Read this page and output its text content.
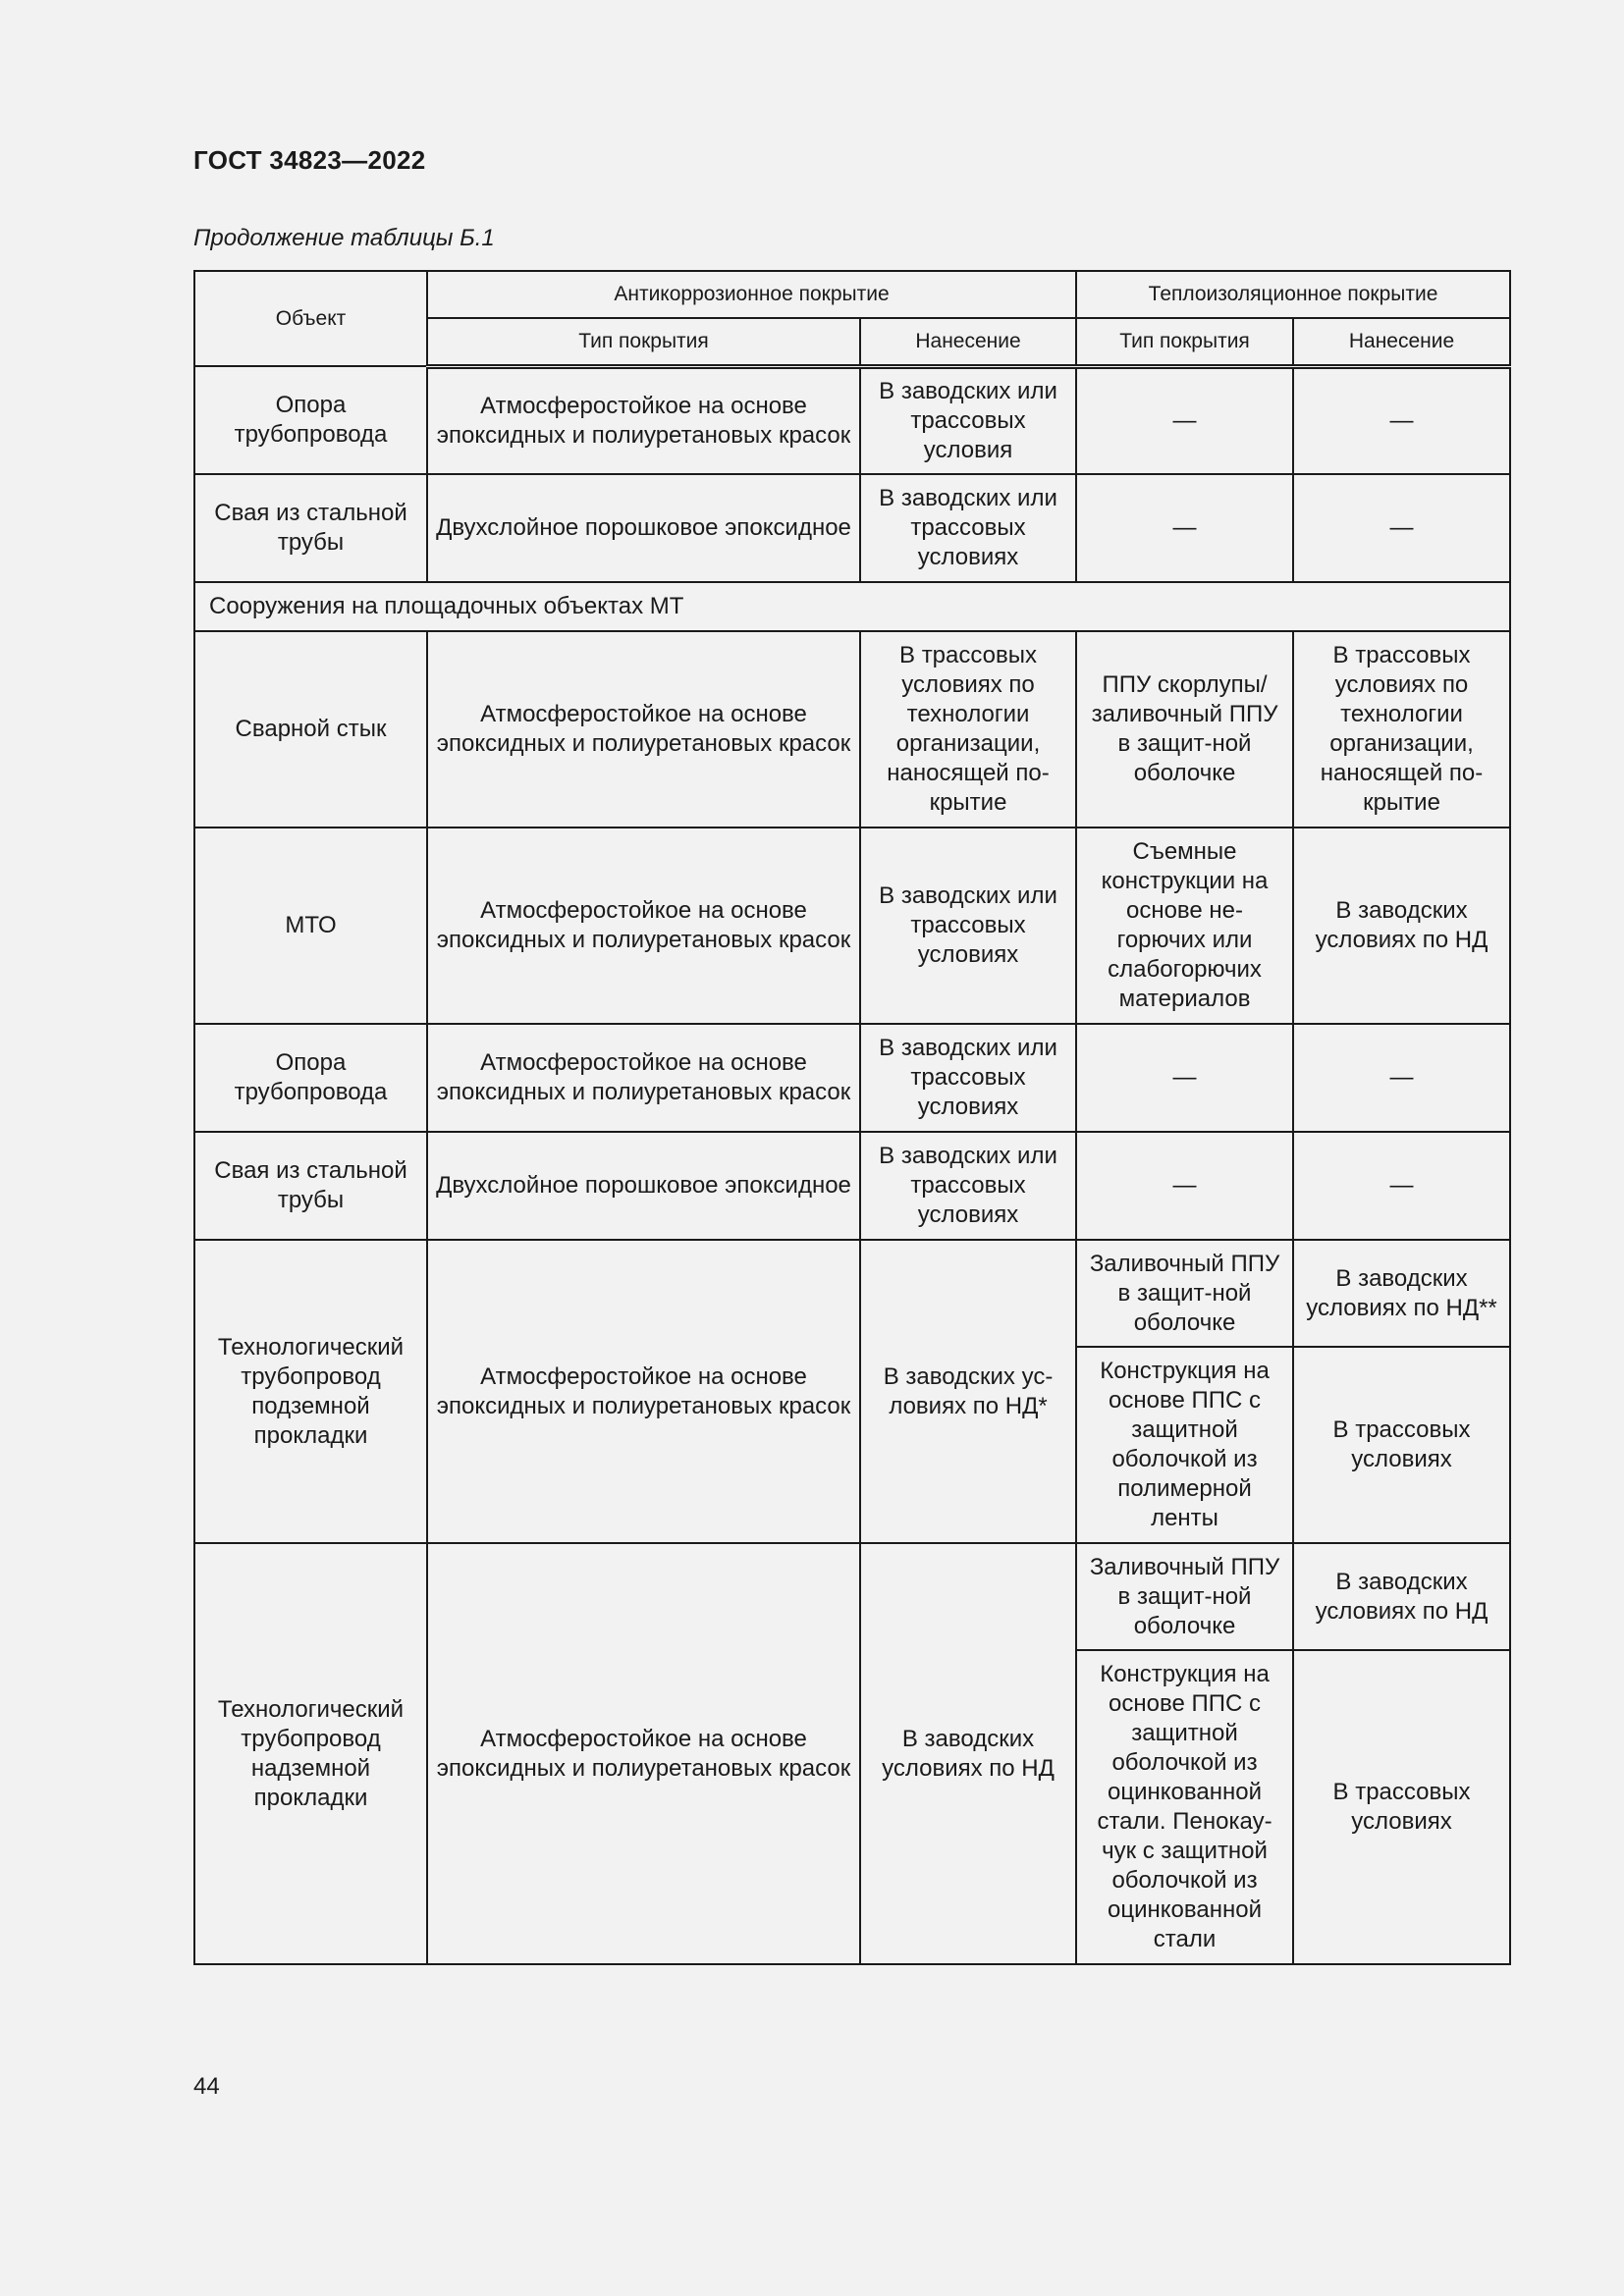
ГОСТ 34823—2022
Продолжение таблицы Б.1
Объект	Антикоррозионное покрытие		Теплоизоляционное покрытие	
	Тип покрытия	Нанесение	Тип покрытия	Нанесение
Опора трубопровода	Атмосферостойкое на основе эпоксидных и полиуретановых красок	В заводских или трассовых условия	—	—
Свая из стальной трубы	Двухслойное порошковое эпоксидное	В заводских или трассовых условиях	—	—
Сооружения на площадочных объектах МТ				
Сварной стык	Атмосферостойкое на основе эпоксидных и полиуретановых красок	В трассовых условиях по технологии организации, наносящей по-крытие	ППУ скорлупы/ заливочный ППУ в защит-ной оболочке	В трассовых условиях по технологии организации, наносящей по-крытие
МТО	Атмосферостойкое на основе эпоксидных и полиуретановых красок	В заводских или трассовых условиях	Съемные конструкции на основе не-горючих или слабогорючих материалов	В заводских условиях по НД
Опора трубопровода	Атмосферостойкое на основе эпоксидных и полиуретановых красок	В заводских или трассовых условиях	—	—
Свая из стальной трубы	Двухслойное порошковое эпоксидное	В заводских или трассовых условиях	—	—
Технологический трубопровод подземной прокладки	Атмосферостойкое на основе эпоксидных и полиуретановых красок	В заводских ус-ловиях по НД*	Заливочный ППУ в защит-ной оболочке	В заводских условиях по НД**
			Конструкция на основе ППС с защитной оболочкой из полимерной ленты	В трассовых условиях
Технологический трубопровод надземной прокладки	Атмосферостойкое на основе эпоксидных и полиуретановых красок	В заводских условиях по НД	Заливочный ППУ в защит-ной оболочке	В заводских условиях по НД
			Конструкция на основе ППС с защитной оболочкой из оцинкованной стали. Пенокау-чук с защитной оболочкой из оцинкованной стали	В трассовых условиях
44
